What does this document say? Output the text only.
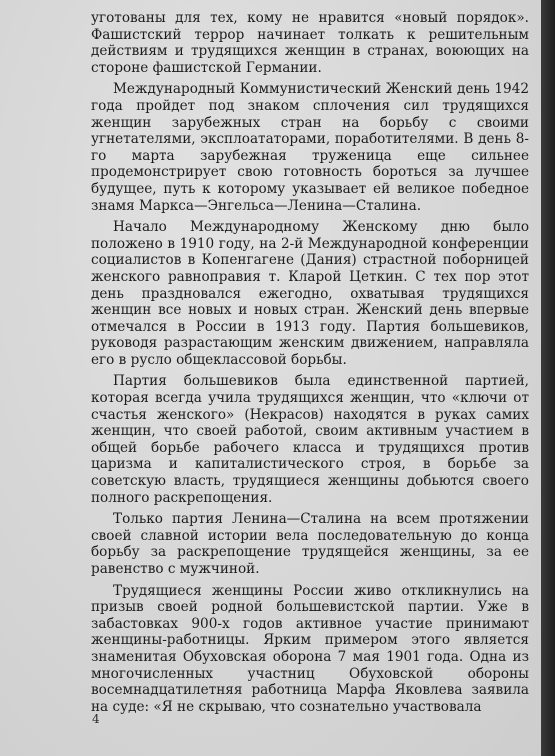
уготованы для тех, кому не нравится «новый порядок». Фашистский террор начинает толкать к решительным действиям и трудящихся женщин в странах, воюющих на стороне фашистской Германии.

Международный Коммунистический Женский день 1942 года пройдет под знаком сплочения сил трудящихся женщин зарубежных стран на борьбу с своими угнетателями, эксплоататорами, поработителями. В день 8-го марта зарубежная труженица еще сильнее продемонстрирует свою готовность бороться за лучшее будущее, путь к которому указывает ей великое победное знамя Маркса—Энгельса—Ленина—Сталина.

Начало Международному Женскому дню было положено в 1910 году, на 2-й Международной конференции социалистов в Копенгагене (Дания) страстной поборницей женского равноправия т. Кларой Цеткин. С тех пор этот день праздновался ежегодно, охватывая трудящихся женщин все новых и новых стран. Женский день впервые отмечался в России в 1913 году. Партия большевиков, руководя разрастающим женским движением, направляла его в русло общеклассовой борьбы.

Партия большевиков была единственной партией, которая всегда учила трудящихся женщин, что «ключи от счастья женского» (Некрасов) находятся в руках самих женщин, что своей работой, своим активным участием в общей борьбе рабочего класса и трудящихся против царизма и капиталистического строя, в борьбе за советскую власть, трудящиеся женщины добьются своего полного раскрепощения.

Только партия Ленина—Сталина на всем протяжении своей славной истории вела последовательную до конца борьбу за раскрепощение трудящейся женщины, за ее равенство с мужчиной.

Трудящиеся женщины России живо откликнулись на призыв своей родной большевистской партии. Уже в забастовках 900-х годов активное участие принимают женщины-работницы. Ярким примером этого является знаменитая Обуховская оборона 7 мая 1901 года. Одна из многочисленных участниц Обуховской обороны восемнадцатилетняя работница Марфа Яковлева заявила на суде: «Я не скрываю, что сознательно участвовала

4
